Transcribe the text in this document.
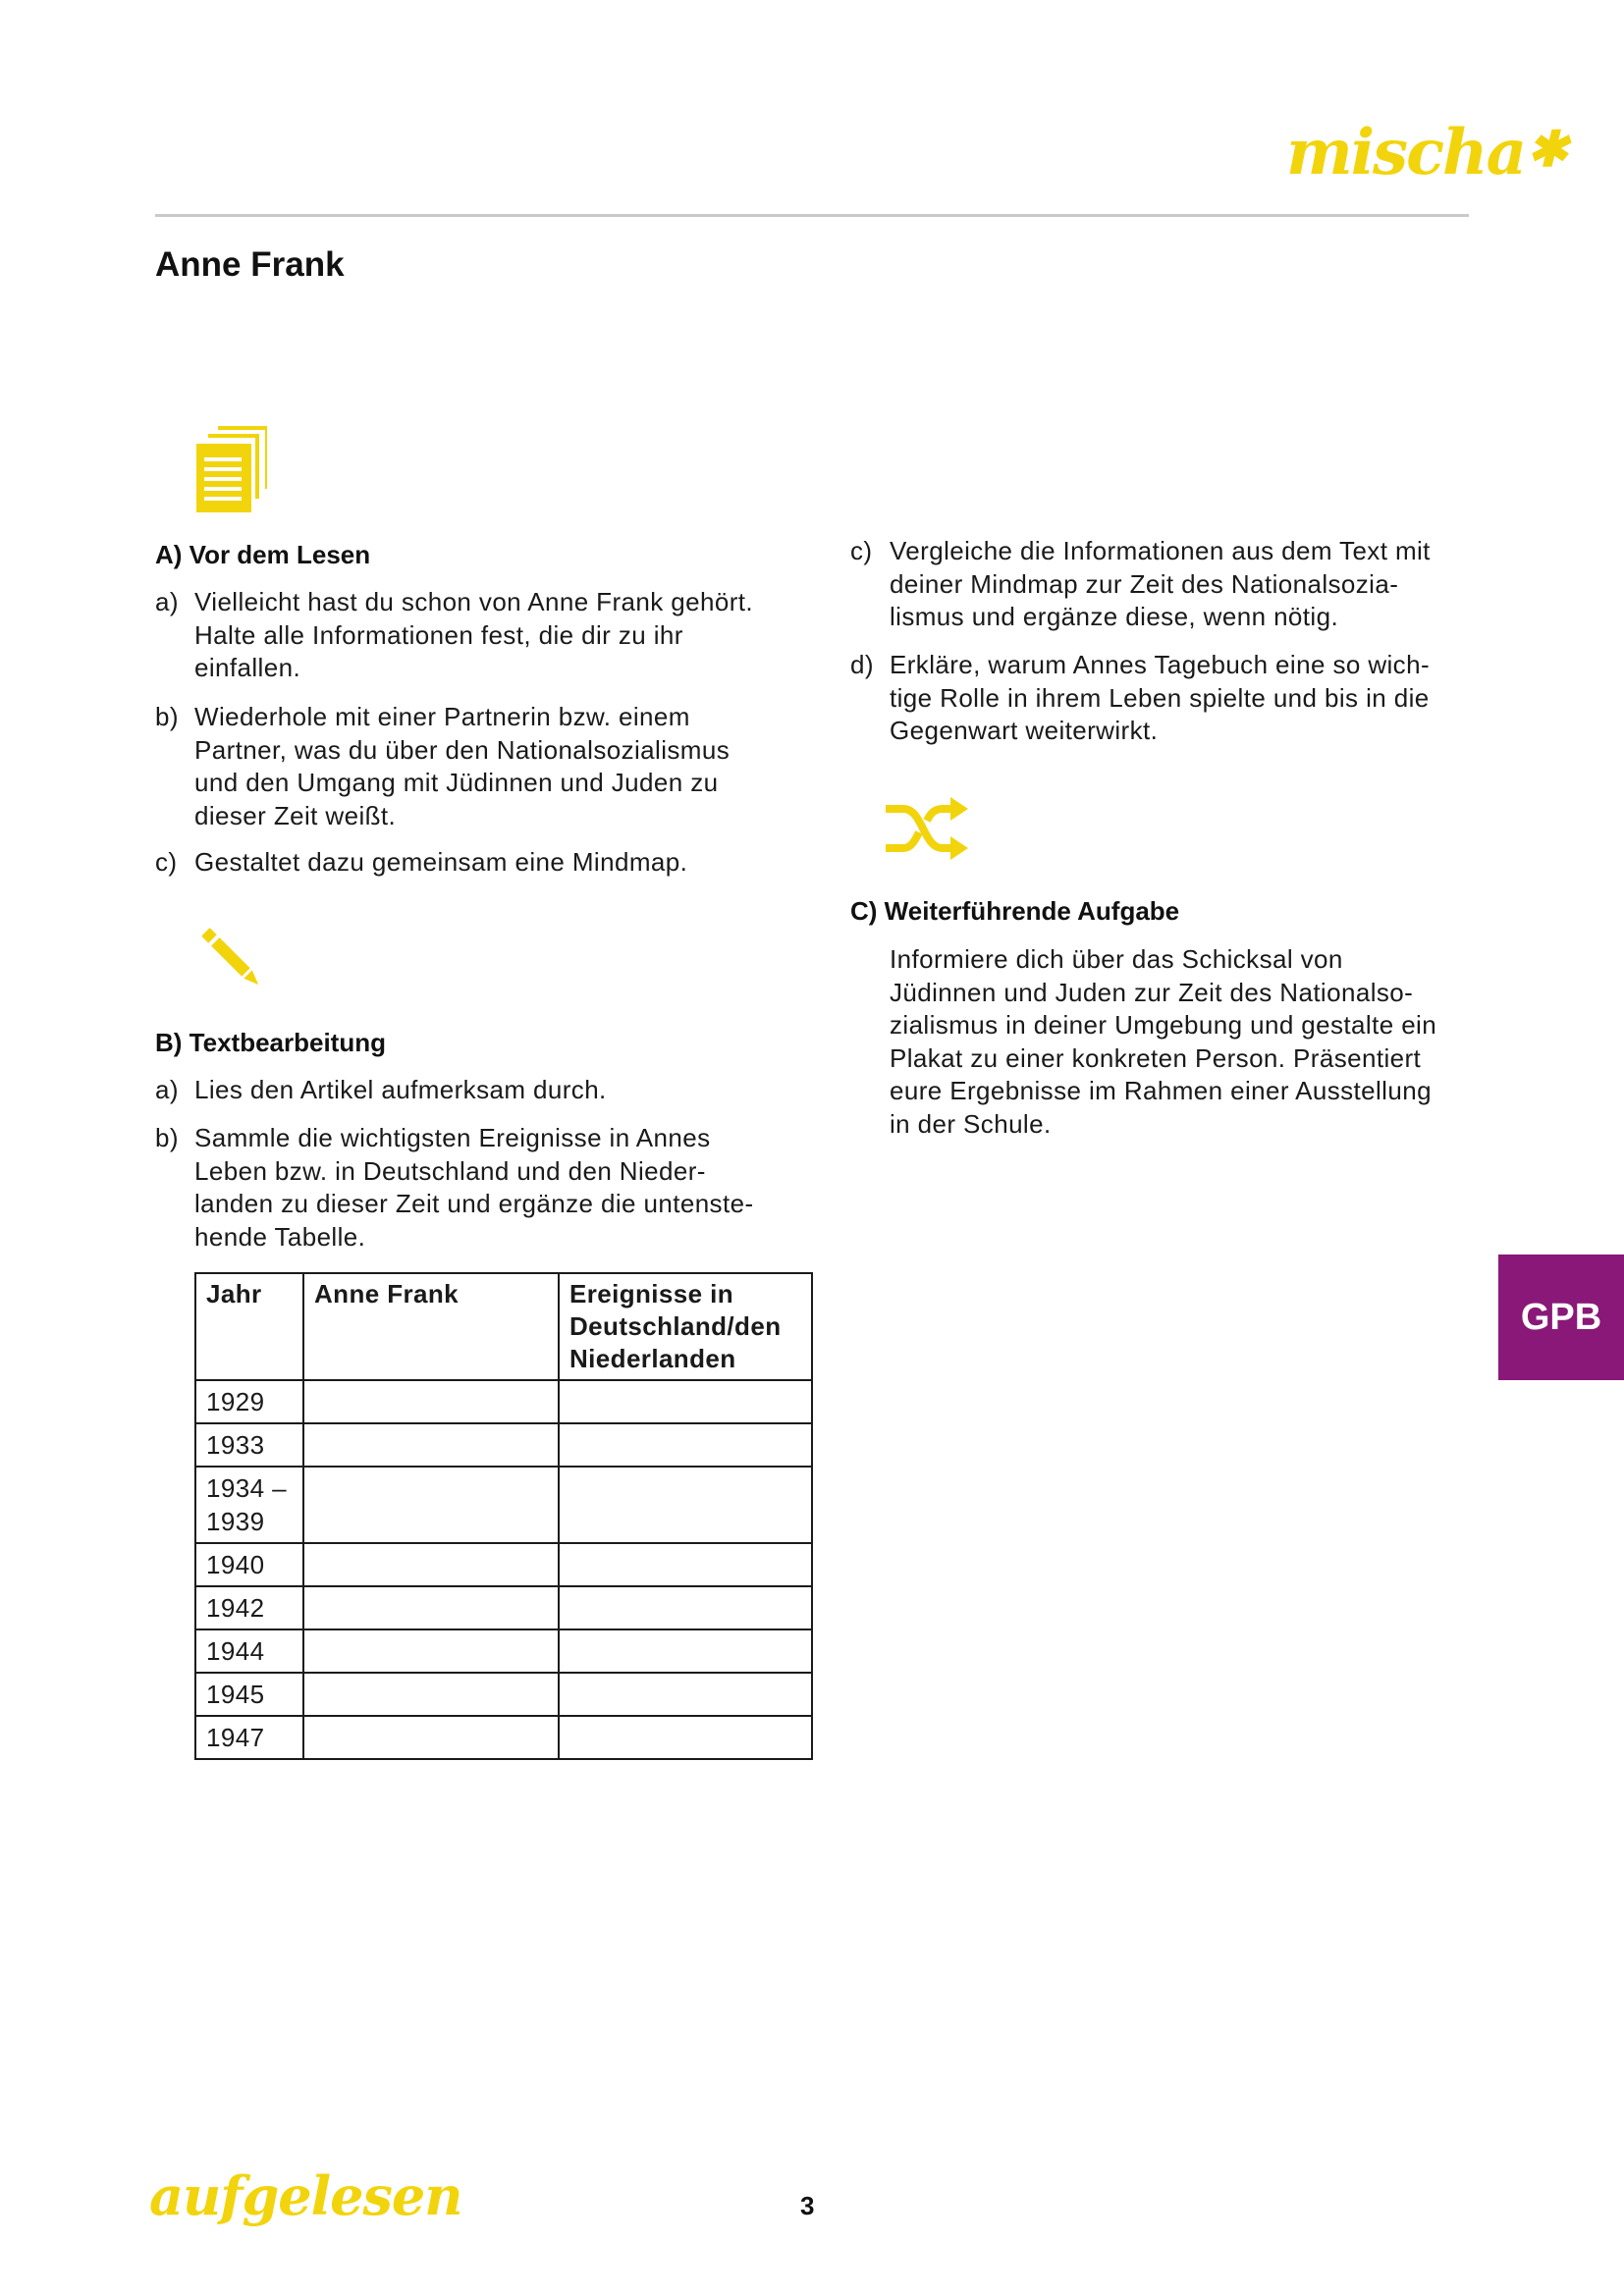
mischa✱
Anne Frank
A) Vor dem Lesen
a) Vielleicht hast du schon von Anne Frank gehört.
Halte alle Informationen fest, die dir zu ihr
einfallen.
b) Wiederhole mit einer Partnerin bzw. einem
Partner, was du über den Nationalsozialismus
und den Umgang mit Jüdinnen und Juden zu
dieser Zeit weißt.
c) Gestaltet dazu gemeinsam eine Mindmap.
B) Textbearbeitung
a) Lies den Artikel aufmerksam durch.
b) Sammle die wichtigsten Ereignisse in Annes
Leben bzw. in Deutschland und den Nieder-
landen zu dieser Zeit und ergänze die untenste-
hende Tabelle.
Jahr	Anne Frank	Ereignisse in
Deutschland/den
Niederlanden

1929		

1933		

1934 –
1939		

1940		

1942		

1944		

1945		

1947		

c) Vergleiche die Informationen aus dem Text mit
deiner Mindmap zur Zeit des Nationalsozia-
lismus und ergänze diese, wenn nötig.
d) Erkläre, warum Annes Tagebuch eine so wich-
tige Rolle in ihrem Leben spielte und bis in die
Gegenwart weiterwirkt.
C) Weiterführende Aufgabe
Informiere dich über das Schicksal von
Jüdinnen und Juden zur Zeit des Nationalso-
zialismus in deiner Umgebung und gestalte ein
Plakat zu einer konkreten Person. Präsentiert
eure Ergebnisse im Rahmen einer Ausstellung
in der Schule.
GPB
aufgelesen	3
